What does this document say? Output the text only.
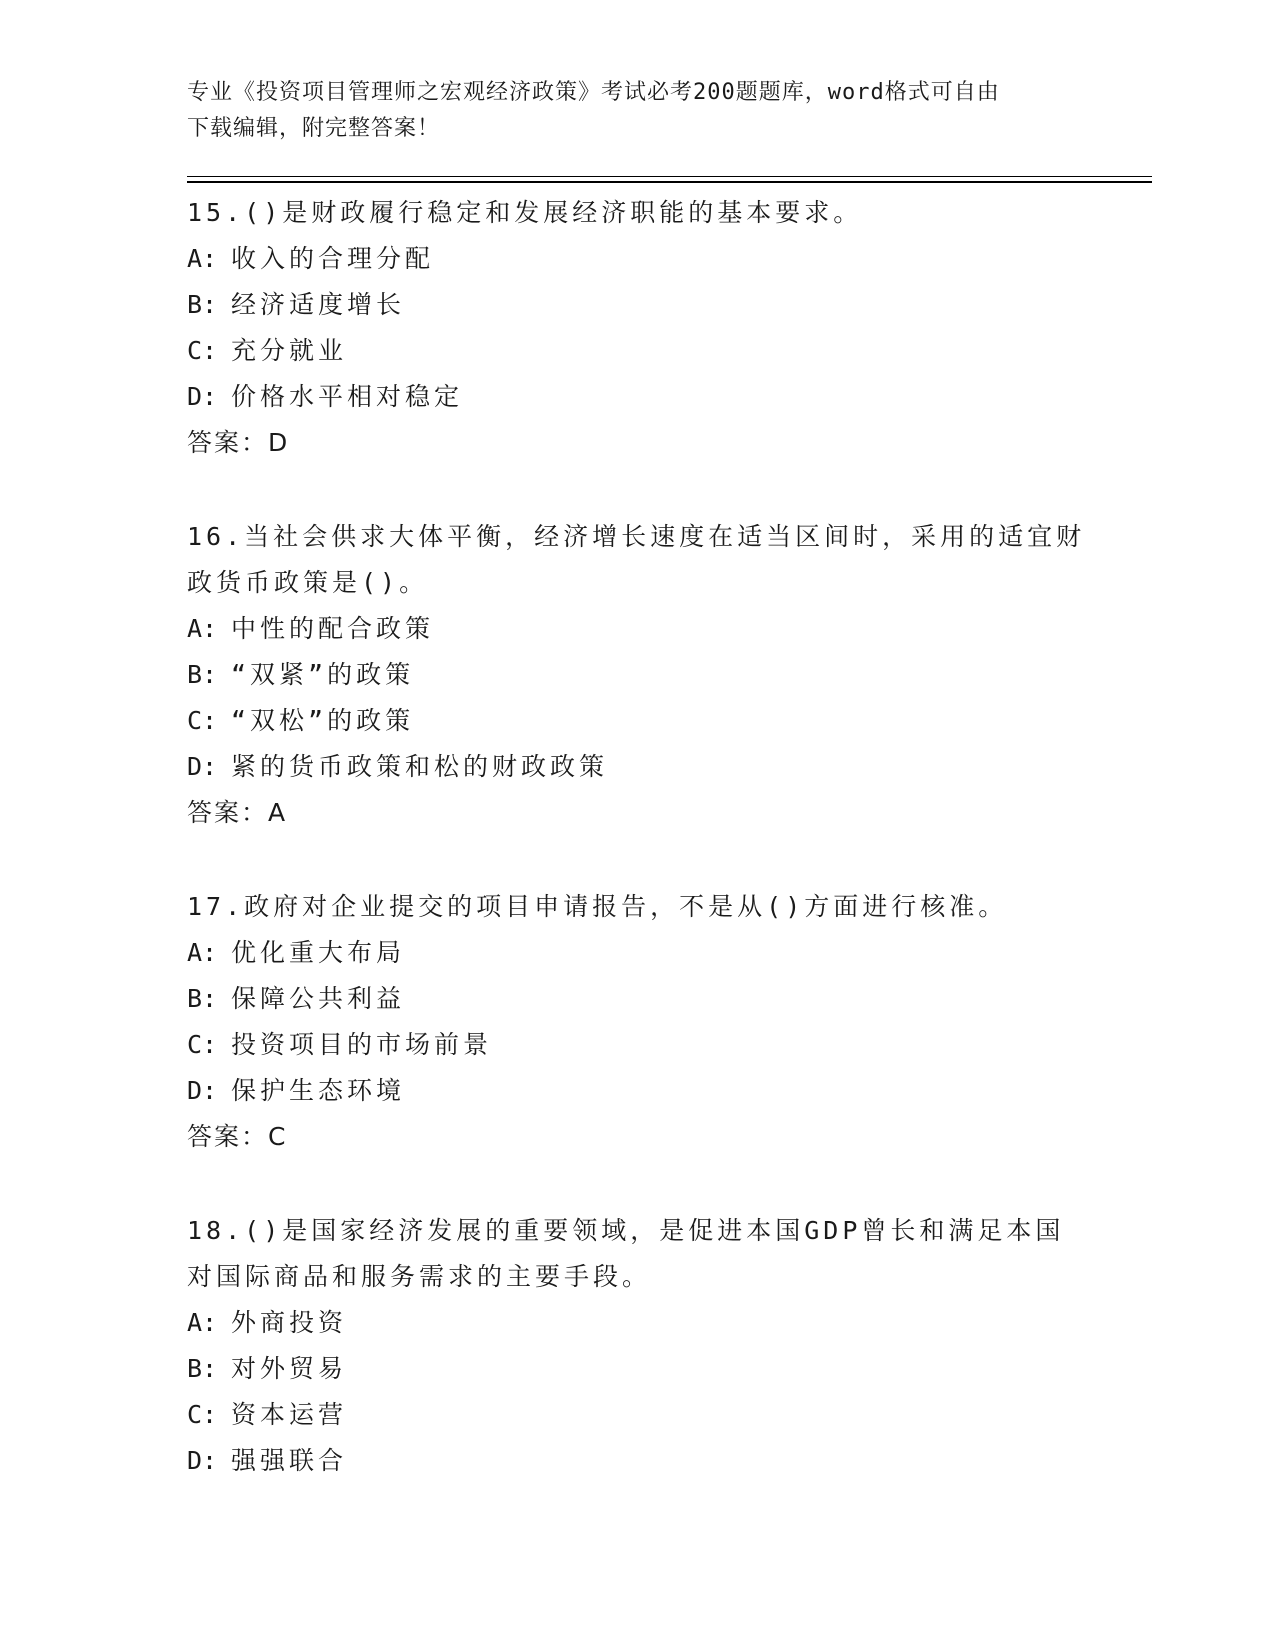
专业《投资项目管理师之宏观经济政策》考试必考200题题库，word格式可自由
下载编辑，附完整答案！
15.()是财政履行稳定和发展经济职能的基本要求。
A: 收入的合理分配
B: 经济适度增长
C: 充分就业
D: 价格水平相对稳定
答案：D
16.当社会供求大体平衡，经济增长速度在适当区间时，采用的适宜财政货币政策是()。
A: 中性的配合政策
B: “双紧”的政策
C: “双松”的政策
D: 紧的货币政策和松的财政政策
答案：A
17.政府对企业提交的项目申请报告，不是从()方面进行核准。
A: 优化重大布局
B: 保障公共利益
C: 投资项目的市场前景
D: 保护生态环境
答案：C
18.()是国家经济发展的重要领域，是促进本国GDP曾长和满足本国对国际商品和服务需求的主要手段。
A: 外商投资
B: 对外贸易
C: 资本运营
D: 强强联合
